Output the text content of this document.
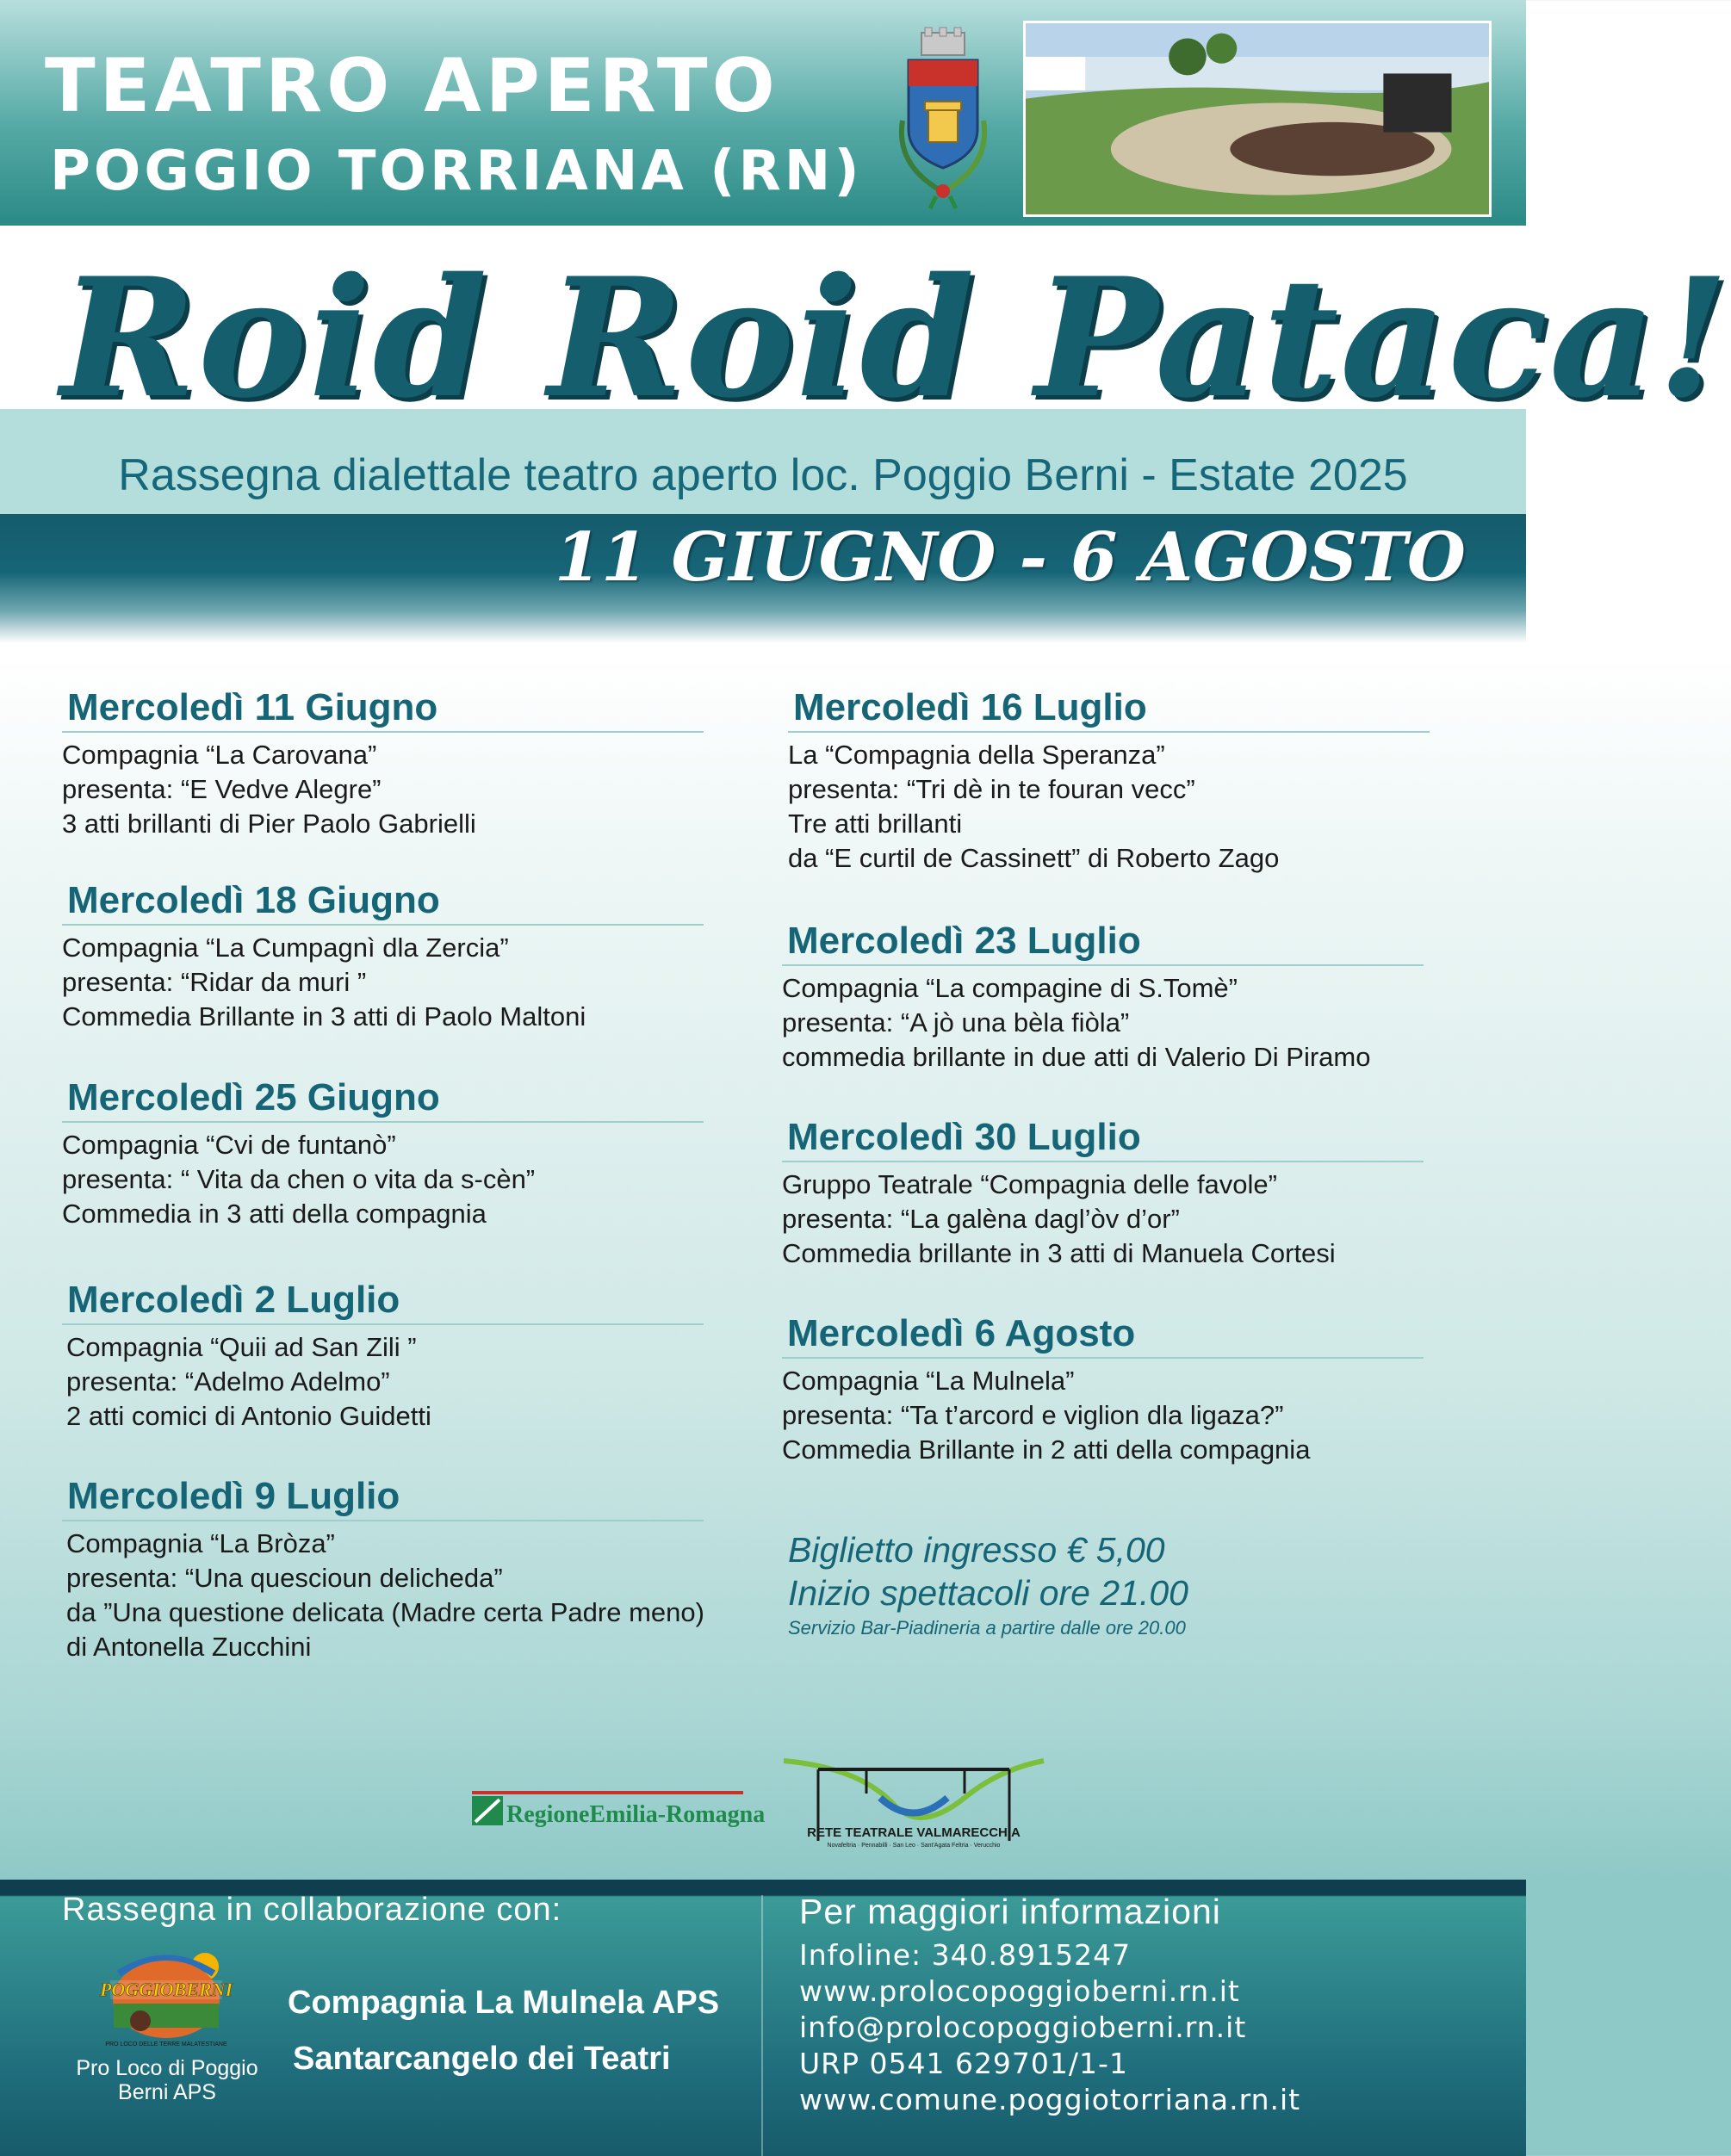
TEATRO APERTO
POGGIO TORRIANA (RN)
Roid Roid Pataca!
Rassegna dialettale teatro aperto loc. Poggio Berni - Estate 2025
11 GIUGNO - 6 AGOSTO
Mercoledì 11 Giugno
Compagnia “La Carovana”
presenta: “E Vedve Alegre”
3 atti brillanti di Pier Paolo Gabrielli
Mercoledì 18 Giugno
Compagnia “La Cumpagnì dla Zercia”
presenta: “Ridar da muri ”
Commedia Brillante in 3 atti di Paolo Maltoni
Mercoledì 25 Giugno
Compagnia “Cvi de funtanò”
presenta: “ Vita da chen o vita da s-cèn”
Commedia in 3 atti della compagnia
Mercoledì 2 Luglio
Compagnia “Quii ad San Zili ”
presenta: “Adelmo Adelmo”
2 atti comici di Antonio Guidetti
Mercoledì 9 Luglio
Compagnia “La Bròza”
presenta: “Una quescioun delicheda”
da ”Una questione delicata (Madre certa Padre meno)
di Antonella Zucchini
Mercoledì 16 Luglio
La “Compagnia della Speranza”
presenta: “Tri dè in te fouran vecc”
Tre atti brillanti
da “E curtil de Cassinett” di Roberto Zago
Mercoledì 23 Luglio
Compagnia “La compagine di S.Tomè”
presenta: “A jò una bèla fiòla”
commedia brillante in due atti di Valerio Di Piramo
Mercoledì 30 Luglio
Gruppo Teatrale “Compagnia delle favole”
presenta: “La galèna dagl’òv d’or”
Commedia brillante in 3 atti di Manuela Cortesi
Mercoledì 6 Agosto
Compagnia “La Mulnela”
presenta: “Ta t’arcord e viglion dla ligaza?”
Commedia Brillante in 2 atti della compagnia
Biglietto ingresso € 5,00
Inizio spettacoli ore 21.00
Servizio Bar-Piadineria a partire dalle ore 20.00
RegioneEmilia-Romagna
RETE TEATRALE VALMARECCHIA
Novafeltria · Pennabilli · San Leo · Sant'Agata Feltria · Verucchio
Rassegna in collaborazione con:
POGGIOBERNI
PRO LOCO DELLE TERRE MALATESTIANE
Pro Loco di Poggio Berni APS
Compagnia La Mulnela APS
Santarcangelo dei Teatri
Per maggiori informazioni
Infoline: 340.8915247
www.prolocopoggioberni.rn.it
info@prolocopoggioberni.rn.it
URP 0541 629701/1-1
www.comune.poggiotorriana.rn.it
